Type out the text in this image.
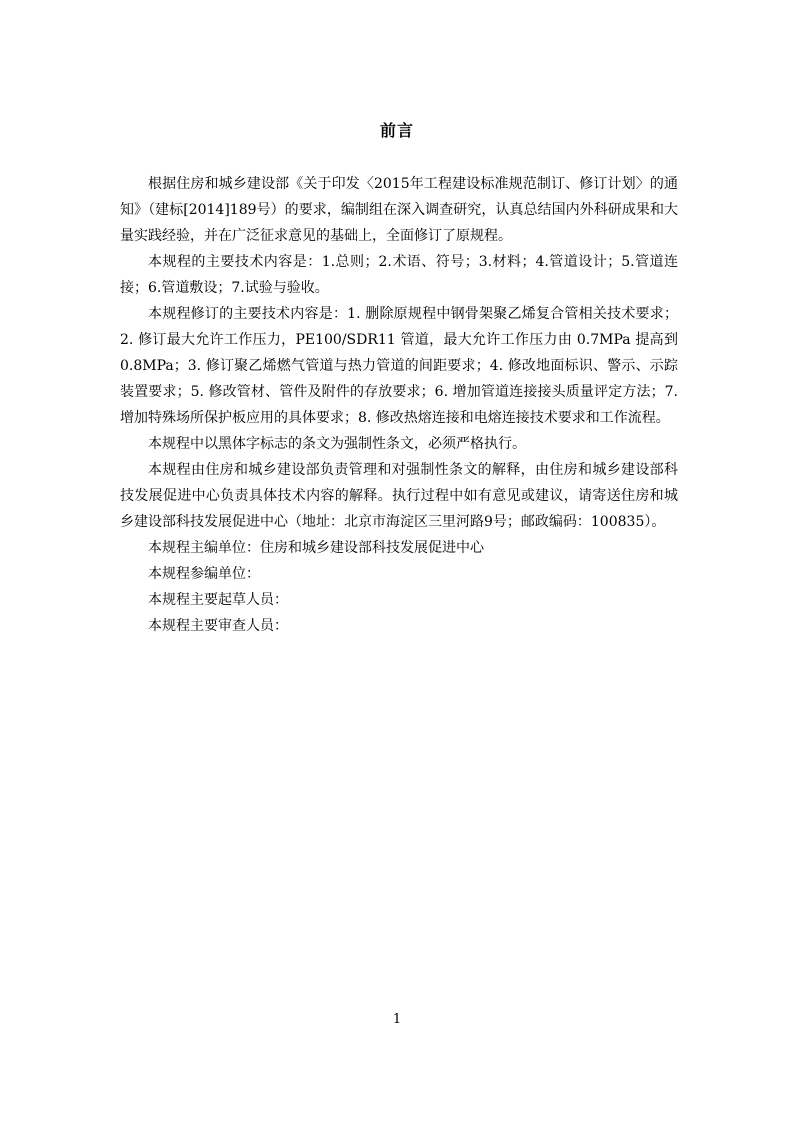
前言

根据住房和城乡建设部《关于印发〈2015年工程建设标准规范制订、修订计划〉的通知》（建标[2014]189号）的要求，编制组在深入调查研究，认真总结国内外科研成果和大量实践经验，并在广泛征求意见的基础上，全面修订了原规程。

本规程的主要技术内容是：1.总则；2.术语、符号；3.材料；4.管道设计；5.管道连接；6.管道敷设；7.试验与验收。

本规程修订的主要技术内容是：1. 删除原规程中钢骨架聚乙烯复合管相关技术要求；2. 修订最大允许工作压力，PE100/SDR11 管道，最大允许工作压力由 0.7MPa 提高到 0.8MPa；3. 修订聚乙烯燃气管道与热力管道的间距要求；4. 修改地面标识、警示、示踪装置要求；5. 修改管材、管件及附件的存放要求；6. 增加管道连接接头质量评定方法；7. 增加特殊场所保护板应用的具体要求；8. 修改热熔连接和电熔连接技术要求和工作流程。

本规程中以黑体字标志的条文为强制性条文，必须严格执行。

本规程由住房和城乡建设部负责管理和对强制性条文的解释，由住房和城乡建设部科技发展促进中心负责具体技术内容的解释。执行过程中如有意见或建议，请寄送住房和城乡建设部科技发展促进中心（地址：北京市海淀区三里河路9号；邮政编码：100835）。

本规程主编单位：住房和城乡建设部科技发展促进中心

本规程参编单位：

本规程主要起草人员：

本规程主要审查人员：

1
